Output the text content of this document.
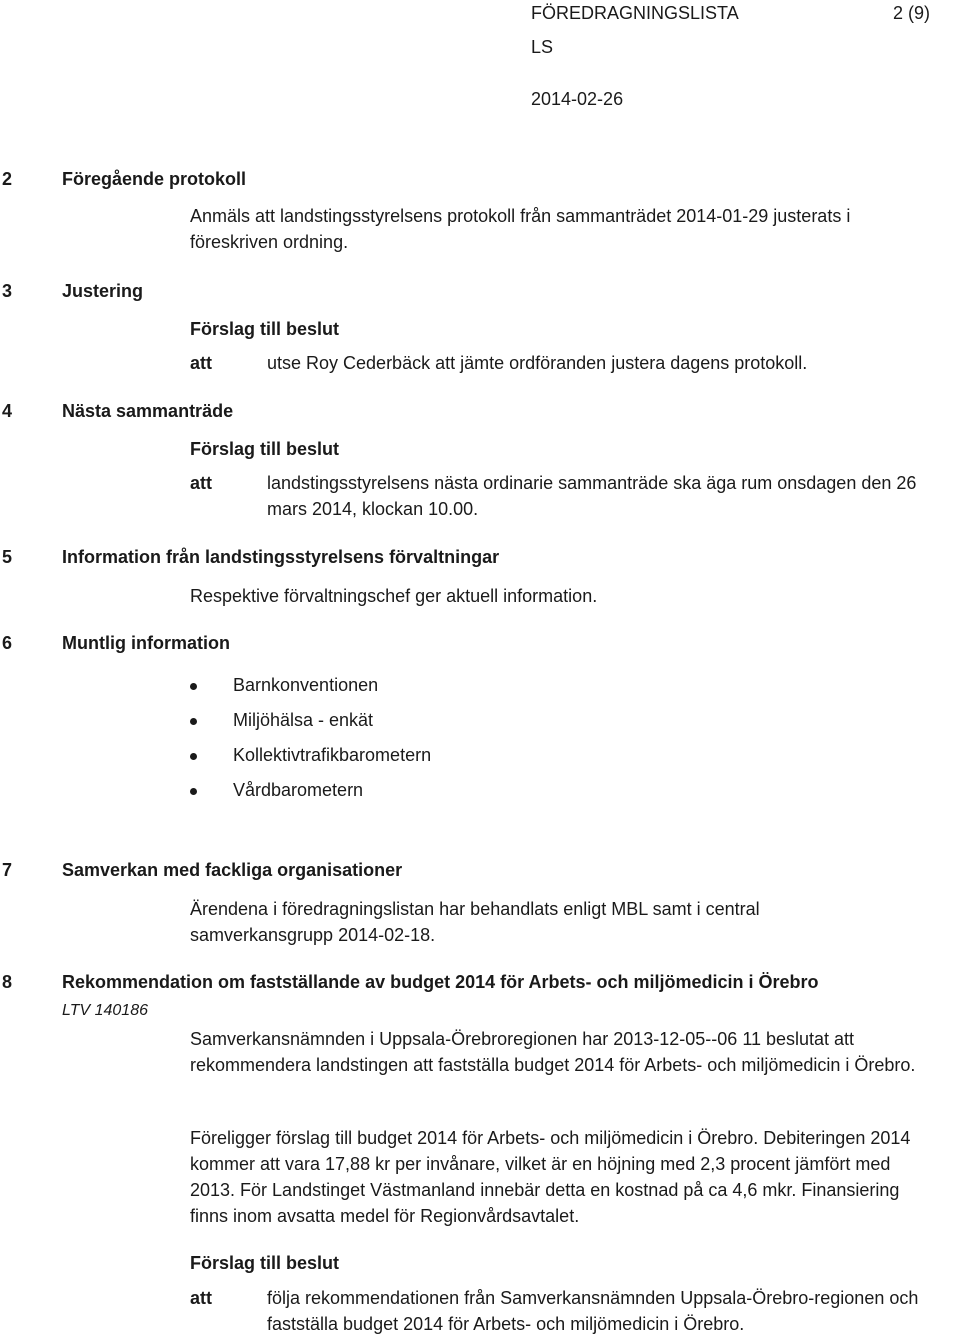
FÖREDRAGNINGSLISTA	2 (9)
LS
2014-02-26
2	Föregående protokoll
Anmäls att landstingsstyrelsens protokoll från sammanträdet 2014-01-29 justerats i föreskriven ordning.
3	Justering
Förslag till beslut
att	utse Roy Cederbäck att jämte ordföranden justera dagens protokoll.
4	Nästa sammanträde
Förslag till beslut
att	landstingsstyrelsens nästa ordinarie sammanträde ska äga rum onsdagen den 26 mars 2014, klockan 10.00.
5	Information från landstingsstyrelsens förvaltningar
Respektive förvaltningschef ger aktuell information.
6	Muntlig information
Barnkonventionen
Miljöhälsa - enkät
Kollektivtrafikbarometern
Vårdbarometern
7	Samverkan med fackliga organisationer
Ärendena i föredragningslistan har behandlats enligt MBL samt i central samverkansgrupp 2014-02-18.
8	Rekommendation om fastställande av budget 2014 för Arbets- och miljömedicin i Örebro
LTV 140186
Samverkansnämnden i Uppsala-Örebroregionen har 2013-12-05--06 11 beslutat att rekommendera landstingen att fastställa budget 2014 för Arbets- och miljömedicin i Örebro.
Föreligger förslag till budget 2014 för Arbets- och miljömedicin i Örebro. Debiteringen 2014 kommer att vara 17,88 kr per invånare, vilket är en höjning med 2,3 procent jämfört med 2013. För Landstinget Västmanland innebär detta en kostnad på ca 4,6 mkr. Finansiering finns inom avsatta medel för Regionvårdsavtalet.
Förslag till beslut
att	följa rekommendationen från Samverkansnämnden Uppsala-Örebro-regionen och fastställa budget 2014 för Arbets- och miljömedicin i Örebro.
